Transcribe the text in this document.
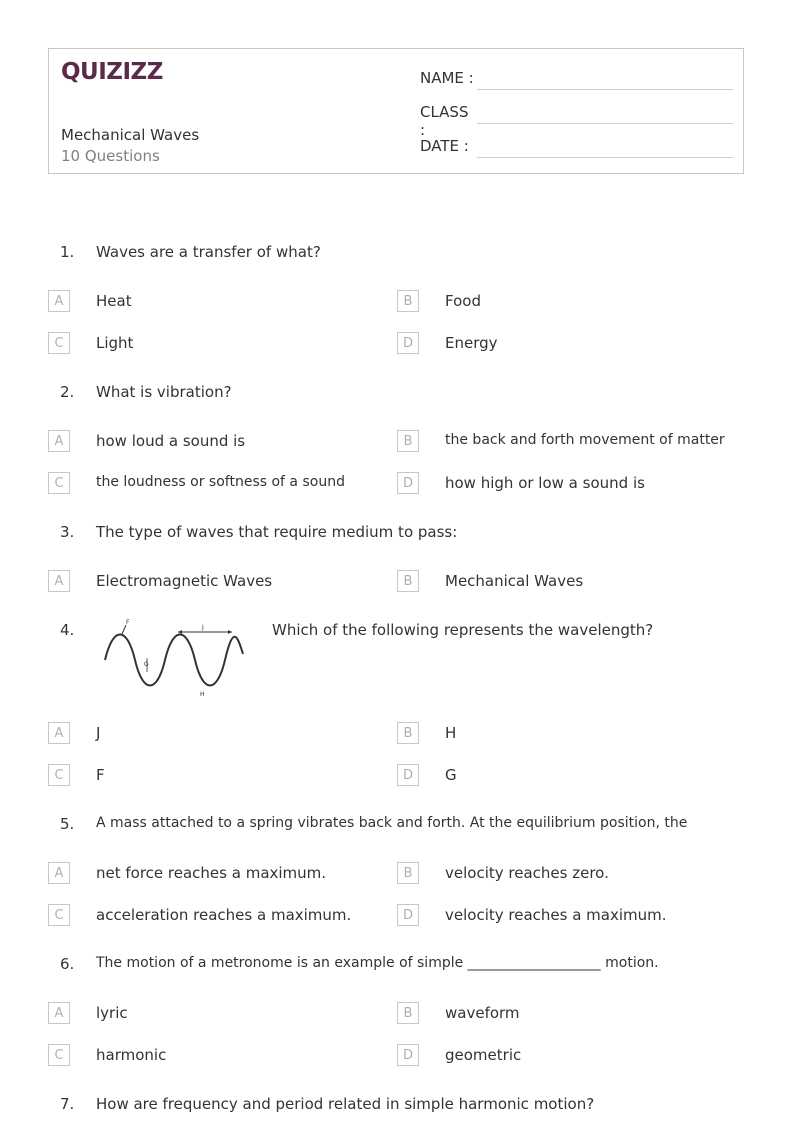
QUIZIZZ
Mechanical Waves
10 Questions
NAME :
CLASS :
DATE :
1. Waves are a transfer of what?
A	Heat	B	Food
C	Light	D	Energy
2. What is vibration?
A	how loud a sound is	B	the back and forth movement of matter
C	the loudness or softness of a sound	D	how high or low a sound is
3. The type of waves that require medium to pass:
A	Electromagnetic Waves	B	Mechanical Waves
4.	F
J
G
H
Which of the following represents the wavelength?
A	J	B	H
C	F	D	G
5. A mass attached to a spring vibrates back and forth. At the equilibrium position, the
A	net force reaches a maximum.	B	velocity reaches zero.
C	acceleration reaches a maximum.	D	velocity reaches a maximum.
6. The motion of a metronome is an example of simple ___________________ motion.
A	lyric	B	waveform
C	harmonic	D	geometric
7. How are frequency and period related in simple harmonic motion?
